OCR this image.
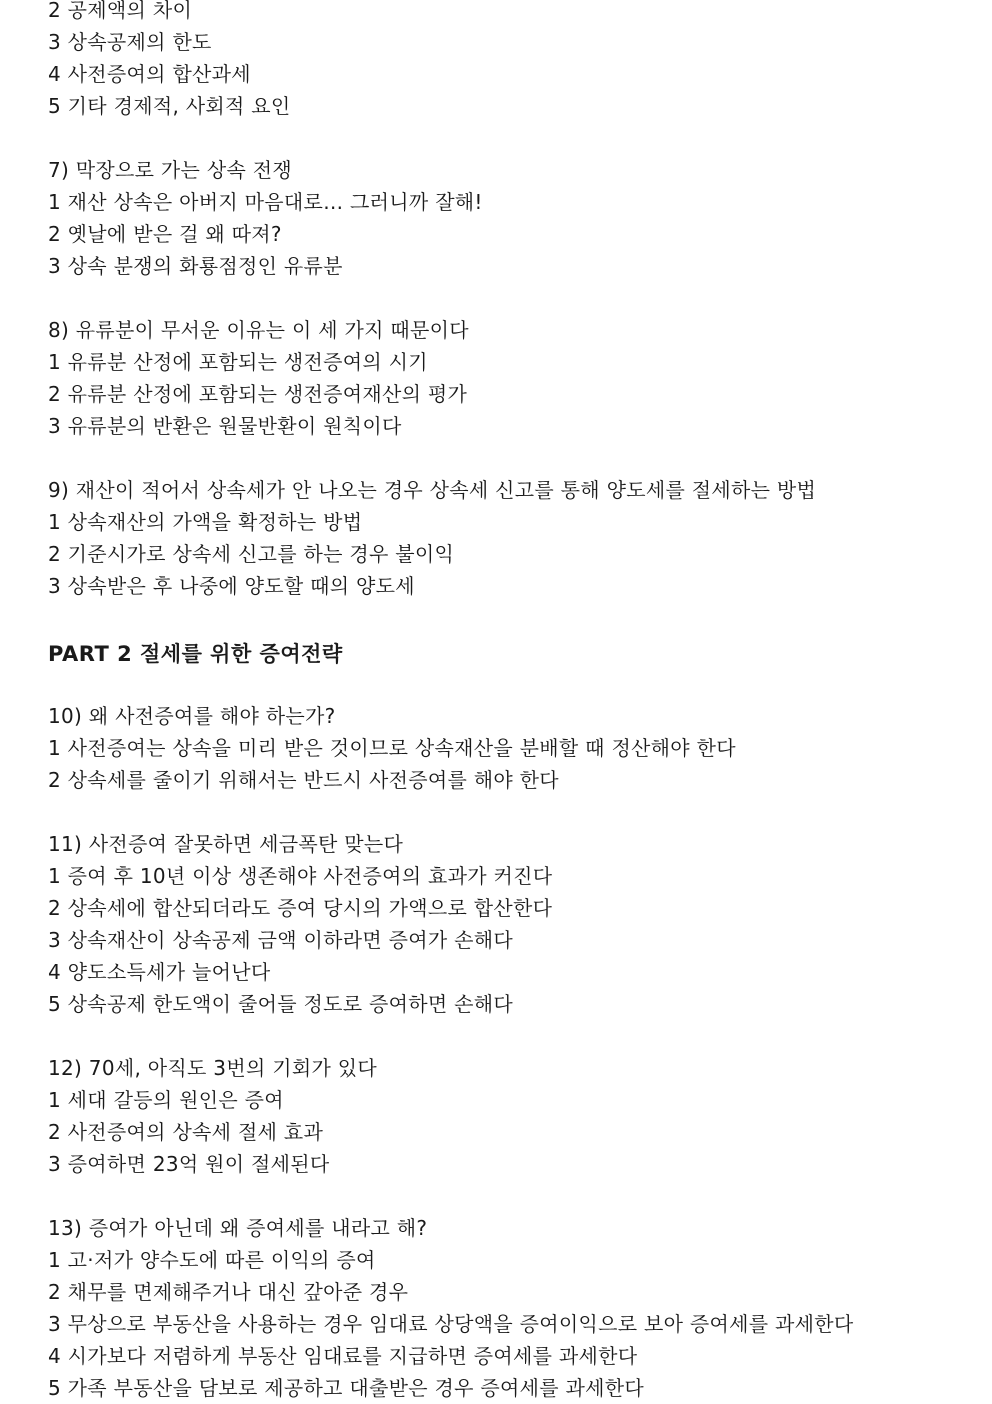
2 공제액의 차이
3 상속공제의 한도
4 사전증여의 합산과세
5 기타 경제적, 사회적 요인
7) 막장으로 가는 상속 전쟁
1 재산 상속은 아버지 마음대로… 그러니까 잘해!
2 옛날에 받은 걸 왜 따져?
3 상속 분쟁의 화룡점정인 유류분
8) 유류분이 무서운 이유는 이 세 가지 때문이다
1 유류분 산정에 포함되는 생전증여의 시기
2 유류분 산정에 포함되는 생전증여재산의 평가
3 유류분의 반환은 원물반환이 원칙이다
9) 재산이 적어서 상속세가 안 나오는 경우 상속세 신고를 통해 양도세를 절세하는 방법
1 상속재산의 가액을 확정하는 방법
2 기준시가로 상속세 신고를 하는 경우 불이익
3 상속받은 후 나중에 양도할 때의 양도세
PART 2 절세를 위한 증여전략
10) 왜 사전증여를 해야 하는가?
1 사전증여는 상속을 미리 받은 것이므로 상속재산을 분배할 때 정산해야 한다
2 상속세를 줄이기 위해서는 반드시 사전증여를 해야 한다
11) 사전증여 잘못하면 세금폭탄 맞는다
1 증여 후 10년 이상 생존해야 사전증여의 효과가 커진다
2 상속세에 합산되더라도 증여 당시의 가액으로 합산한다
3 상속재산이 상속공제 금액 이하라면 증여가 손해다
4 양도소득세가 늘어난다
5 상속공제 한도액이 줄어들 정도로 증여하면 손해다
12) 70세, 아직도 3번의 기회가 있다
1 세대 갈등의 원인은 증여
2 사전증여의 상속세 절세 효과
3 증여하면 23억 원이 절세된다
13) 증여가 아닌데 왜 증여세를 내라고 해?
1 고·저가 양수도에 따른 이익의 증여
2 채무를 면제해주거나 대신 갚아준 경우
3 무상으로 부동산을 사용하는 경우 임대료 상당액을 증여이익으로 보아 증여세를 과세한다
4 시가보다 저렴하게 부동산 임대료를 지급하면 증여세를 과세한다
5 가족 부동산을 담보로 제공하고 대출받은 경우 증여세를 과세한다
